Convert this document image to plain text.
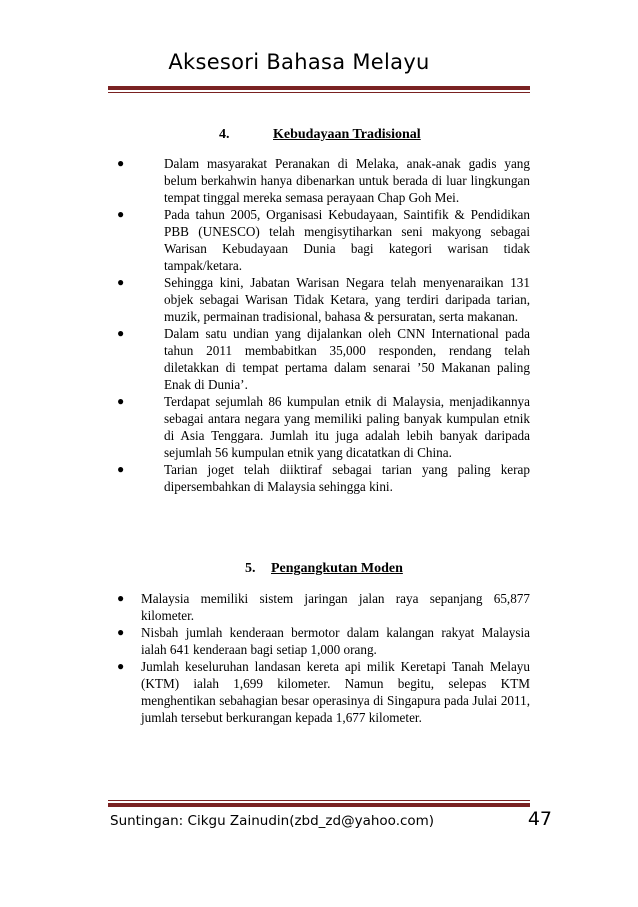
Aksesori Bahasa Melayu
4.	Kebudayaan Tradisional
●	Dalam masyarakat Peranakan di Melaka, anak-anak gadis yang belum berkahwin hanya dibenarkan untuk berada di luar lingkungan tempat tinggal mereka semasa perayaan Chap Goh Mei.
●	Pada tahun 2005, Organisasi Kebudayaan, Saintifik & Pendidikan PBB (UNESCO) telah mengisytiharkan seni makyong sebagai Warisan Kebudayaan Dunia bagi kategori warisan tidak tampak/ketara.
●	Sehingga kini, Jabatan Warisan Negara telah menyenaraikan 131 objek sebagai Warisan Tidak Ketara, yang terdiri daripada tarian, muzik, permainan tradisional, bahasa & persuratan, serta makanan.
●	Dalam satu undian yang dijalankan oleh CNN International pada tahun 2011 membabitkan 35,000 responden, rendang telah diletakkan di tempat pertama dalam senarai ’50 Makanan paling Enak di Dunia’.
●	Terdapat sejumlah 86 kumpulan etnik di Malaysia, menjadikannya sebagai antara negara yang memiliki paling banyak kumpulan etnik di Asia Tenggara. Jumlah itu juga adalah lebih banyak daripada sejumlah 56 kumpulan etnik yang dicatatkan di China.
●	Tarian joget telah diiktiraf sebagai tarian yang paling kerap dipersembahkan di Malaysia sehingga kini.
5. Pengangkutan Moden
● Malaysia memiliki sistem jaringan jalan raya sepanjang 65,877 kilometer.
● Nisbah jumlah kenderaan bermotor dalam kalangan rakyat Malaysia ialah 641 kenderaan bagi setiap 1,000 orang.
● Jumlah keseluruhan landasan kereta api milik Keretapi Tanah Melayu (KTM) ialah 1,699 kilometer. Namun begitu, selepas KTM menghentikan sebahagian besar operasinya di Singapura pada Julai 2011, jumlah tersebut berkurangan kepada 1,677 kilometer.
Suntingan: Cikgu Zainudin(zbd_zd@yahoo.com)	47
